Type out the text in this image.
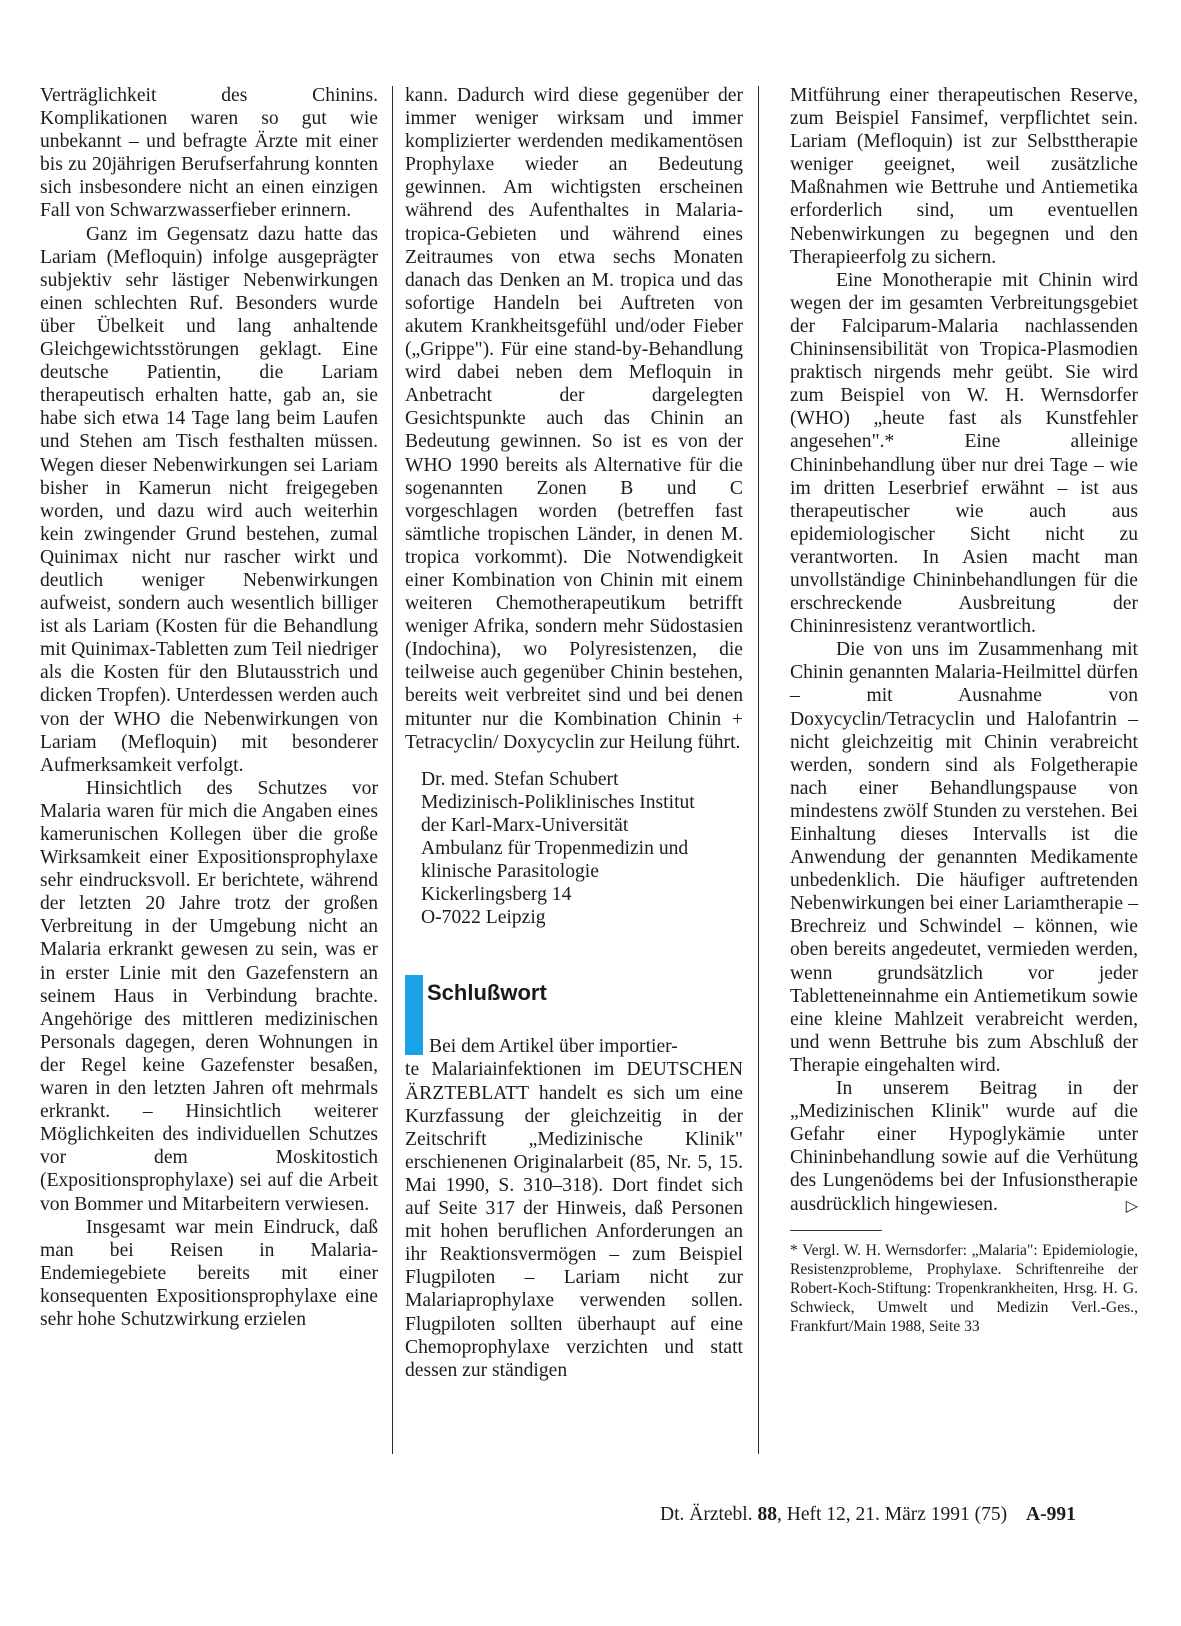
Verträglichkeit des Chinins. Komplikationen waren so gut wie unbekannt – und befragte Ärzte mit einer bis zu 20jährigen Berufserfahrung konnten sich insbesondere nicht an einen einzigen Fall von Schwarzwasserfieber erinnern.

Ganz im Gegensatz dazu hatte das Lariam (Mefloquin) infolge ausgeprägter subjektiv sehr lästiger Nebenwirkungen einen schlechten Ruf. Besonders wurde über Übelkeit und lang anhaltende Gleichgewichtsstörungen geklagt. Eine deutsche Patientin, die Lariam therapeutisch erhalten hatte, gab an, sie habe sich etwa 14 Tage lang beim Laufen und Stehen am Tisch festhalten müssen. Wegen dieser Nebenwirkungen sei Lariam bisher in Kamerun nicht freigegeben worden, und dazu wird auch weiterhin kein zwingender Grund bestehen, zumal Quinimax nicht nur rascher wirkt und deutlich weniger Nebenwirkungen aufweist, sondern auch wesentlich billiger ist als Lariam (Kosten für die Behandlung mit Quinimax-Tabletten zum Teil niedriger als die Kosten für den Blutausstrich und dicken Tropfen). Unterdessen werden auch von der WHO die Nebenwirkungen von Lariam (Mefloquin) mit besonderer Aufmerksamkeit verfolgt.

Hinsichtlich des Schutzes vor Malaria waren für mich die Angaben eines kamerunischen Kollegen über die große Wirksamkeit einer Expositionsprophylaxe sehr eindrucksvoll. Er berichtete, während der letzten 20 Jahre trotz der großen Verbreitung in der Umgebung nicht an Malaria erkrankt gewesen zu sein, was er in erster Linie mit den Gazefenstern an seinem Haus in Verbindung brachte. Angehörige des mittleren medizinischen Personals dagegen, deren Wohnungen in der Regel keine Gazefenster besaßen, waren in den letzten Jahren oft mehrmals erkrankt. – Hinsichtlich weiterer Möglichkeiten des individuellen Schutzes vor dem Moskitostich (Expositionsprophylaxe) sei auf die Arbeit von Bommer und Mitarbeitern verwiesen.

Insgesamt war mein Eindruck, daß man bei Reisen in Malaria-Endemiegebiete bereits mit einer konsequenten Expositionsprophylaxe eine sehr hohe Schutzwirkung erzielen

kann. Dadurch wird diese gegenüber der immer weniger wirksam und immer komplizierter werdenden medikamentösen Prophylaxe wieder an Bedeutung gewinnen. Am wichtigsten erscheinen während des Aufenthaltes in Malaria-tropica-Gebieten und während eines Zeitraumes von etwa sechs Monaten danach das Denken an M. tropica und das sofortige Handeln bei Auftreten von akutem Krankheitsgefühl und/oder Fieber („Grippe"). Für eine stand-by-Behandlung wird dabei neben dem Mefloquin in Anbetracht der dargelegten Gesichtspunkte auch das Chinin an Bedeutung gewinnen. So ist es von der WHO 1990 bereits als Alternative für die sogenannten Zonen B und C vorgeschlagen worden (betreffen fast sämtliche tropischen Länder, in denen M. tropica vorkommt). Die Notwendigkeit einer Kombination von Chinin mit einem weiteren Chemotherapeutikum betrifft weniger Afrika, sondern mehr Südostasien (Indochina), wo Polyresistenzen, die teilweise auch gegenüber Chinin bestehen, bereits weit verbreitet sind und bei denen mitunter nur die Kombination Chinin + Tetracyclin/ Doxycyclin zur Heilung führt.

Dr. med. Stefan Schubert
Medizinisch-Poliklinisches Institut
der Karl-Marx-Universität
Ambulanz für Tropenmedizin und
klinische Parasitologie
Kickerlingsberg 14
O-7022 Leipzig
Schlußwort
Bei dem Artikel über importier-

te Malariainfektionen im DEUTSCHEN ÄRZTEBLATT handelt es sich um eine Kurzfassung der gleichzeitig in der Zeitschrift „Medizinische Klinik" erschienenen Originalarbeit (85, Nr. 5, 15. Mai 1990, S. 310–318). Dort findet sich auf Seite 317 der Hinweis, daß Personen mit hohen beruflichen Anforderungen an ihr Reaktionsvermögen – zum Beispiel Flugpiloten – Lariam nicht zur Malariaprophylaxe verwenden sollen. Flugpiloten sollten überhaupt auf eine Chemoprophylaxe verzichten und statt dessen zur ständigen

Mitführung einer therapeutischen Reserve, zum Beispiel Fansimef, verpflichtet sein. Lariam (Mefloquin) ist zur Selbsttherapie weniger geeignet, weil zusätzliche Maßnahmen wie Bettruhe und Antiemetika erforderlich sind, um eventuellen Nebenwirkungen zu begegnen und den Therapieerfolg zu sichern.

Eine Monotherapie mit Chinin wird wegen der im gesamten Verbreitungsgebiet der Falciparum-Malaria nachlassenden Chininsensibilität von Tropica-Plasmodien praktisch nirgends mehr geübt. Sie wird zum Beispiel von W. H. Wernsdorfer (WHO) „heute fast als Kunstfehler angesehen".* Eine alleinige Chininbehandlung über nur drei Tage – wie im dritten Leserbrief erwähnt – ist aus therapeutischer wie auch aus epidemiologischer Sicht nicht zu verantworten. In Asien macht man unvollständige Chininbehandlungen für die erschreckende Ausbreitung der Chininresistenz verantwortlich.

Die von uns im Zusammenhang mit Chinin genannten Malaria-Heilmittel dürfen – mit Ausnahme von Doxycyclin/Tetracyclin und Halofantrin – nicht gleichzeitig mit Chinin verabreicht werden, sondern sind als Folgetherapie nach einer Behandlungspause von mindestens zwölf Stunden zu verstehen. Bei Einhaltung dieses Intervalls ist die Anwendung der genannten Medikamente unbedenklich. Die häufiger auftretenden Nebenwirkungen bei einer Lariamtherapie – Brechreiz und Schwindel – können, wie oben bereits angedeutet, vermieden werden, wenn grundsätzlich vor jeder Tabletteneinnahme ein Antiemetikum sowie eine kleine Mahlzeit verabreicht werden, und wenn Bettruhe bis zum Abschluß der Therapie eingehalten wird.

In unserem Beitrag in der „Medizinischen Klinik" wurde auf die Gefahr einer Hypoglykämie unter Chininbehandlung sowie auf die Verhütung des Lungenödems bei der Infusionstherapie ausdrücklich hingewiesen.	▷

* Vergl. W. H. Wernsdorfer: „Malaria": Epidemiologie, Resistenzprobleme, Prophylaxe. Schriftenreihe der Robert-Koch-Stiftung: Tropenkrankheiten, Hrsg. H. G. Schwieck, Umwelt und Medizin Verl.-Ges., Frankfurt/Main 1988, Seite 33

Dt. Ärztebl. 88, Heft 12, 21. März 1991 (75) A-991
